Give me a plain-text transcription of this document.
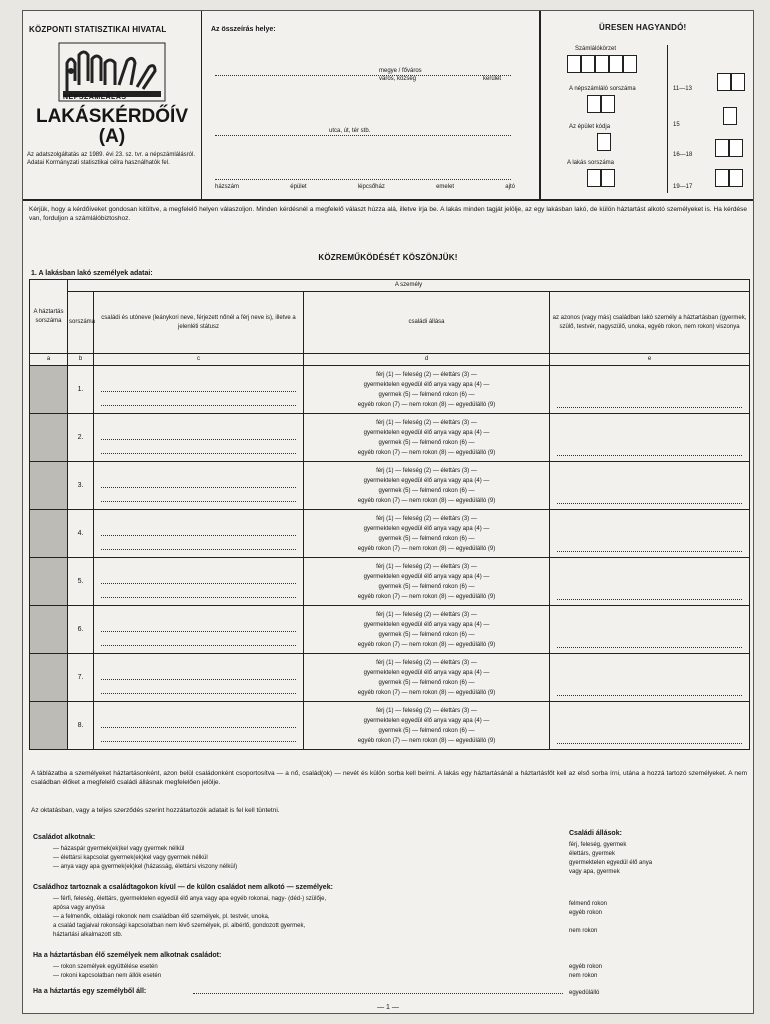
KÖZPONTI STATISZTIKAI HIVATAL
NÉPSZÁMLÁLÁS
LAKÁSKÉRDŐÍV
(A)
Az adatszolgáltatás az 1989. évi 23. sz. tvr. a népszámlálásról. Adatai Kormányzati statisztikai célra használhatók fel.
Az összeírás helye:
megye / főváros
város, község	kerület
utca, út, tér stb.
házszám	épület	lépcsőház	emelet	ajtó
ÜRESEN HAGYANDÓ!
Számlálókörzet
A népszámláló sorszáma
Az épület kódja
A lakás sorszáma
11—13
15
16—18
19—17
Kérjük, hogy a kérdőíveket gondosan kitöltve, a megfelelő helyen válaszoljon. Minden kérdésnél a megfelelő választ húzza alá, illetve írja be. A lakás minden tagját jelölje, az egy lakásban lakó, de külön háztartást alkotó személyeket is. Ha kérdése van, forduljon a számlálóbiztoshoz.
KÖZREMŰKÖDÉSÉT KÖSZÖNJÜK!
1. A lakásban lakó személyek adatai:
A háztartás sorszáma	A személy			
	sorszáma	családi és utóneve (leánykori neve, férjezett nőnél a férj neve is), illetve a jelenléti státusz	családi állása	az azonos (vagy más) családban lakó személy a háztartásban (gyermek, szülő, testvér, nagyszülő, unoka, egyéb rokon, nem rokon) viszonya
a	b	c	d	e
	1.		férj (1) — feleség (2) — élettárs (3) —
gyermektelen egyedül élő anya vagy apa (4) —
gyermek (5) — felmenő rokon (6) —
egyéb rokon (7) — nem rokon (8) — egyedülálló (9)	

	2.		férj (1) — feleség (2) — élettárs (3) —
gyermektelen egyedül élő anya vagy apa (4) —
gyermek (5) — felmenő rokon (6) —
egyéb rokon (7) — nem rokon (8) — egyedülálló (9)	

	3.		férj (1) — feleség (2) — élettárs (3) —
gyermektelen egyedül élő anya vagy apa (4) —
gyermek (5) — felmenő rokon (6) —
egyéb rokon (7) — nem rokon (8) — egyedülálló (9)	

	4.		férj (1) — feleség (2) — élettárs (3) —
gyermektelen egyedül élő anya vagy apa (4) —
gyermek (5) — felmenő rokon (6) —
egyéb rokon (7) — nem rokon (8) — egyedülálló (9)	

	5.		férj (1) — feleség (2) — élettárs (3) —
gyermektelen egyedül élő anya vagy apa (4) —
gyermek (5) — felmenő rokon (6) —
egyéb rokon (7) — nem rokon (8) — egyedülálló (9)	

	6.		férj (1) — feleség (2) — élettárs (3) —
gyermektelen egyedül élő anya vagy apa (4) —
gyermek (5) — felmenő rokon (6) —
egyéb rokon (7) — nem rokon (8) — egyedülálló (9)	

	7.		férj (1) — feleség (2) — élettárs (3) —
gyermektelen egyedül élő anya vagy apa (4) —
gyermek (5) — felmenő rokon (6) —
egyéb rokon (7) — nem rokon (8) — egyedülálló (9)	

	8.		férj (1) — feleség (2) — élettárs (3) —
gyermektelen egyedül élő anya vagy apa (4) —
gyermek (5) — felmenő rokon (6) —
egyéb rokon (7) — nem rokon (8) — egyedülálló (9)	

A táblázatba a személyeket háztartásonként, azon belül családonként csoportosítva — a nő, család(ok) — nevét és külön sorba kell beírni. A lakás egy háztartásánál a háztartásfőt kell az első sorba írni, utána a hozzá tartozó személyeket. A nem családban élőket a megfelelő családi állásnak megfelelően jelölje.
Az oktatásban, vagy a teljes szerződés szerint hozzátartozók adatait is fel kell tüntetni.
Családot alkotnak:
Családi állások:
— házaspár gyermek(ek)kel vagy gyermek nélkül
— élettársi kapcsolat gyermek(ek)kel vagy gyermek nélkül
— anya vagy apa gyermek(ek)kel (házasság, élettársi viszony nélkül)
férj, feleség, gyermek
élettárs, gyermek
gyermektelen egyedül élő anya
vagy apa, gyermek
Családhoz tartoznak a családtagokon kívül — de külön családot nem alkotó — személyek:
— férfi, feleség, élettárs, gyermektelen egyedül élő anya vagy apa egyéb rokonai, nagy- (déd-) szülője,
apósa vagy anyósa
— a felmenők, oldalági rokonok nem családban élő személyek, pl. testvér, unoka,
a család tagjaival rokonsági kapcsolatban nem lévő személyek, pl. albérlő, gondozott gyermek,
háztartási alkalmazott stb.
felmenő rokon
egyéb rokon
nem rokon
Ha a háztartásban élő személyek nem alkotnak családot:
— rokon személyek együttélése esetén
— rokoni kapcsolatban nem állók esetén
egyéb rokon
nem rokon
Ha a háztartás egy személyből áll:	egyedülálló
— 1 —
